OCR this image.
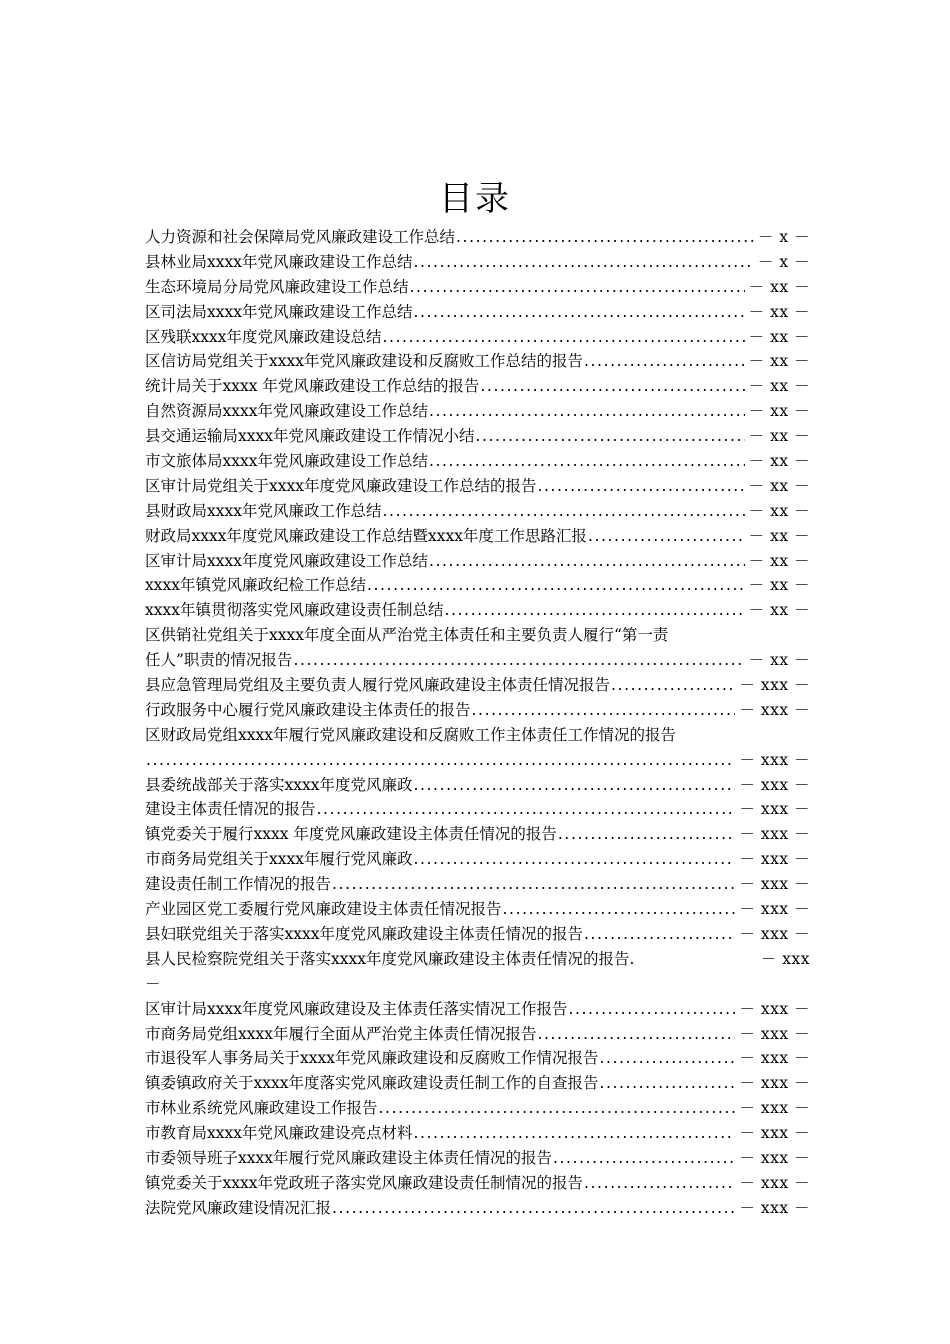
目录
人力资源和社会保障局党风廉政建设工作总结 .....	－ x －
县林业局xxxx年党风廉政建设工作总结 .....	－ x －
生态环境局分局党风廉政建设工作总结 .....	－ xx －
区司法局xxxx年党风廉政建设工作总结 .....	－ xx －
区残联xxxx年度党风廉政建设总结 .....	－ xx －
区信访局党组关于xxxx年党风廉政建设和反腐败工作总结的报告 .....	－ xx －
统计局关于xxxx 年党风廉政建设工作总结的报告 .....	－ xx －
自然资源局xxxx年党风廉政建设工作总结 .....	－ xx －
县交通运输局xxxx年党风廉政建设工作情况小结 .....	－ xx －
市文旅体局xxxx年党风廉政建设工作总结 .....	－ xx －
区审计局党组关于xxxx年度党风廉政建设工作总结的报告 .....	－ xx －
县财政局xxxx年党风廉政工作总结 .....	－ xx －
财政局xxxx年度党风廉政建设工作总结暨xxxx年度工作思路汇报 .....	－ xx －
区审计局xxxx年度党风廉政建设工作总结 .....	－ xx －
xxxx年镇党风廉政纪检工作总结 .....	－ xx －
xxxx年镇贯彻落实党风廉政建设责任制总结 .....	－ xx －
区供销社党组关于xxxx年度全面从严治党主体责任和主要负责人履行“第一责
任人”职责的情况报告 .....	－ xx －
县应急管理局党组及主要负责人履行党风廉政建设主体责任情况报告 .....	－ xxx －
行政服务中心履行党风廉政建设主体责任的报告 .....	－ xxx －
区财政局党组xxxx年履行党风廉政建设和反腐败工作主体责任工作情况的报告
.....
－ xxx －
县委统战部关于落实xxxx年度党风廉政 .....	－ xxx －
建设主体责任情况的报告 .....	－ xxx －
镇党委关于履行xxxx 年度党风廉政建设主体责任情况的报告 .....	－ xxx －
市商务局党组关于xxxx年履行党风廉政 .....	－ xxx －
建设责任制工作情况的报告 .....	－ xxx －
产业园区党工委履行党风廉政建设主体责任情况报告 .....	－ xxx －
县妇联党组关于落实xxxx年度党风廉政建设主体责任情况的报告 .....	－ xxx －
县人民检察院党组关于落实xxxx年度党风廉政建设主体责任情况的报告.	－ xxx
－
区审计局xxxx年度党风廉政建设及主体责任落实情况工作报告 .....	－ xxx －
市商务局党组xxxx年履行全面从严治党主体责任情况报告 .....	－ xxx －
市退役军人事务局关于xxxx年党风廉政建设和反腐败工作情况报告 .....	－ xxx －
镇委镇政府关于xxxx年度落实党风廉政建设责任制工作的自查报告 .....	－ xxx －
市林业系统党风廉政建设工作报告 .....	－ xxx －
市教育局xxxx年党风廉政建设亮点材料 .....	－ xxx －
市委领导班子xxxx年履行党风廉政建设主体责任情况的报告 .....	－ xxx －
镇党委关于xxxx年党政班子落实党风廉政建设责任制情况的报告 .....	－ xxx －
法院党风廉政建设情况汇报 .....	－ xxx －
